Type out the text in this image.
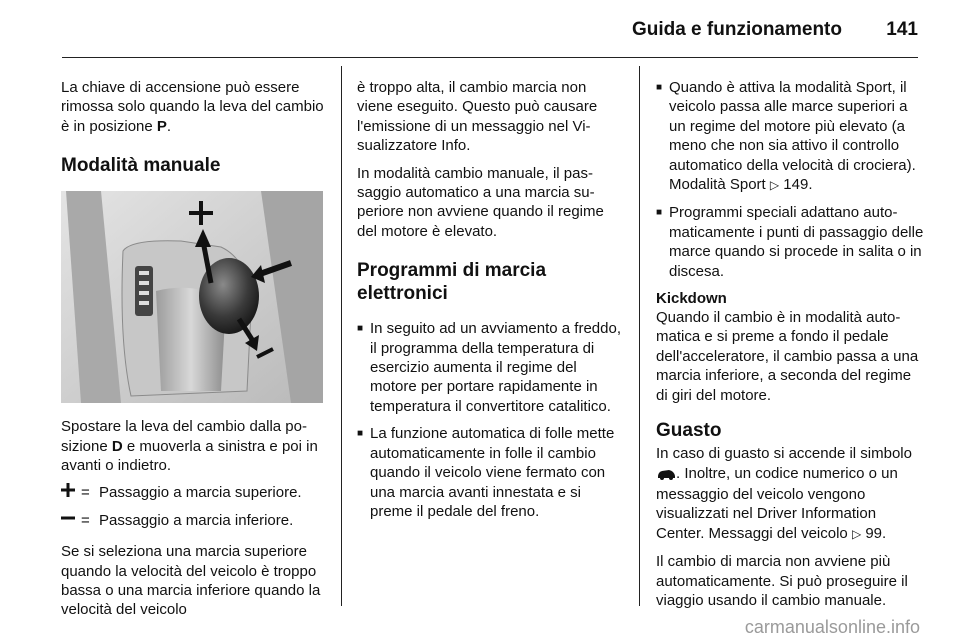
Guida e funzionamento 141

La chiave di accensione può essere rimossa solo quando la leva del cambio è in posizione P.

Modalità manuale

Spostare la leva del cambio dalla posizione D e muoverla a sinistra e poi in avanti o indietro.

= Passaggio a marcia superiore.
= Passaggio a marcia inferiore.

Se si seleziona una marcia superiore quando la velocità del veicolo è troppo bassa o una marcia inferiore quando la velocità del veicolo

è troppo alta, il cambio marcia non viene eseguito. Questo può causare l'emissione di un messaggio nel Visualizzatore Info.

In modalità cambio manuale, il passaggio automatico a una marcia superiore non avviene quando il regime del motore è elevato.

Programmi di marcia elettronici
■ In seguito ad un avviamento a freddo, il programma della temperatura di esercizio aumenta il regime del motore per portare rapidamente in temperatura il convertitore catalitico.
■ La funzione automatica di folle mette automaticamente in folle il cambio quando il veicolo viene fermato con una marcia avanti innestata e si preme il pedale del freno.
■ Quando è attiva la modalità Sport, il veicolo passa alle marce superiori a un regime del motore più elevato (a meno che non sia attivo il controllo automatico della velocità di crociera). Modalità Sport ▷ 149.
■ Programmi speciali adattano automaticamente i punti di passaggio delle marce quando si procede in salita o in discesa.
Kickdown

Quando il cambio è in modalità automatica e si preme a fondo il pedale dell'acceleratore, il cambio passa a una marcia inferiore, a seconda del regime di giri del motore.

Guasto

In caso di guasto si accende il simbolo . Inoltre, un codice numerico o un messaggio del veicolo vengono visualizzati nel Driver Information Center. Messaggi del veicolo ▷ 99.

Il cambio di marcia non avviene più automaticamente. Si può proseguire il viaggio usando il cambio manuale.

carmanualsonline.info
